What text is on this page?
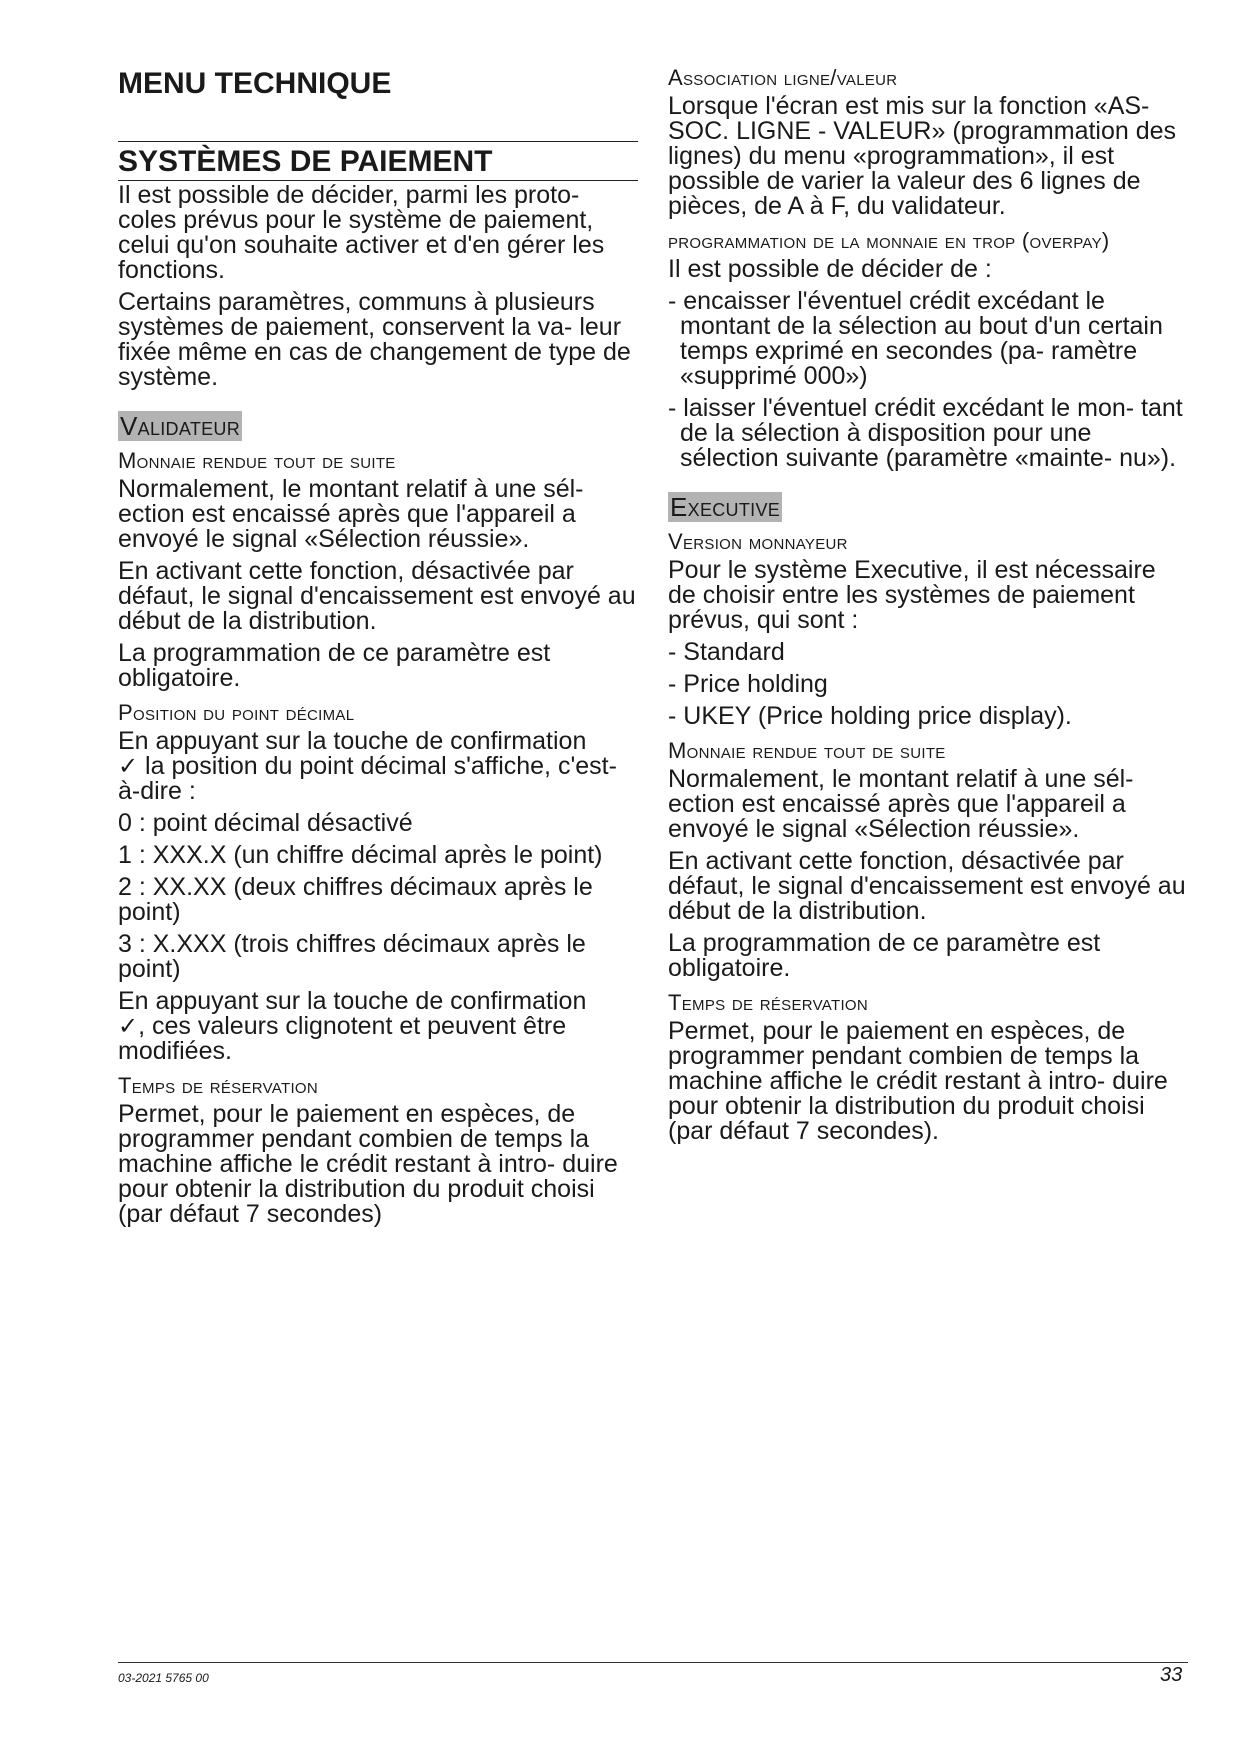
MENU TECHNIQUE
SYSTÈMES DE PAIEMENT

Il est possible de décider, parmi les proto- coles prévus pour le système de paiement, celui qu'on souhaite activer et d'en gérer les fonctions.

Certains paramètres, communs à plusieurs systèmes de paiement, conservent la va- leur fixée même en cas de changement de type de système.

Validateur
Monnaie rendue tout de suite

Normalement, le montant relatif à une sél- ection est encaissé après que l'appareil a envoyé le signal «Sélection réussie».

En activant cette fonction, désactivée par défaut, le signal d'encaissement est envoyé au début de la distribution.

La programmation de ce paramètre est obligatoire.

Position du point décimal

En appuyant sur la touche de confirmation
✓ la position du point décimal s'affiche, c'est-à-dire :

0 : point décimal désactivé

1 : XXX.X (un chiffre décimal après le point)

2 : XX.XX (deux chiffres décimaux après le point)

3 : X.XXX (trois chiffres décimaux après le point)

En appuyant sur la touche de confirmation
✓, ces valeurs clignotent et peuvent être modifiées.

Temps de réservation

Permet, pour le paiement en espèces, de programmer pendant combien de temps la machine affiche le crédit restant à intro- duire pour obtenir la distribution du produit choisi (par défaut 7 secondes)

Association ligne/valeur

Lorsque l'écran est mis sur la fonction «AS- SOC. LIGNE - VALEUR» (programmation des lignes) du menu «programmation», il est possible de varier la valeur des 6 lignes de pièces, de A à F, du validateur.

programmation de la monnaie en trop (overpay)

Il est possible de décider de :

- encaisser l'éventuel crédit excédant le montant de la sélection au bout d'un certain temps exprimé en secondes (pa- ramètre «supprimé 000»)

- laisser l'éventuel crédit excédant le mon- tant de la sélection à disposition pour une sélection suivante (paramètre «mainte- nu»).

Executive
Version monnayeur

Pour le système Executive, il est nécessaire de choisir entre les systèmes de paiement prévus, qui sont :

- Standard

- Price holding

- UKEY (Price holding price display).

Monnaie rendue tout de suite

Normalement, le montant relatif à une sél- ection est encaissé après que l'appareil a envoyé le signal «Sélection réussie».

En activant cette fonction, désactivée par défaut, le signal d'encaissement est envoyé au début de la distribution.

La programmation de ce paramètre est obligatoire.

Temps de réservation

Permet, pour le paiement en espèces, de programmer pendant combien de temps la machine affiche le crédit restant à intro- duire pour obtenir la distribution du produit choisi (par défaut 7 secondes).

03-2021 5765 00	33
